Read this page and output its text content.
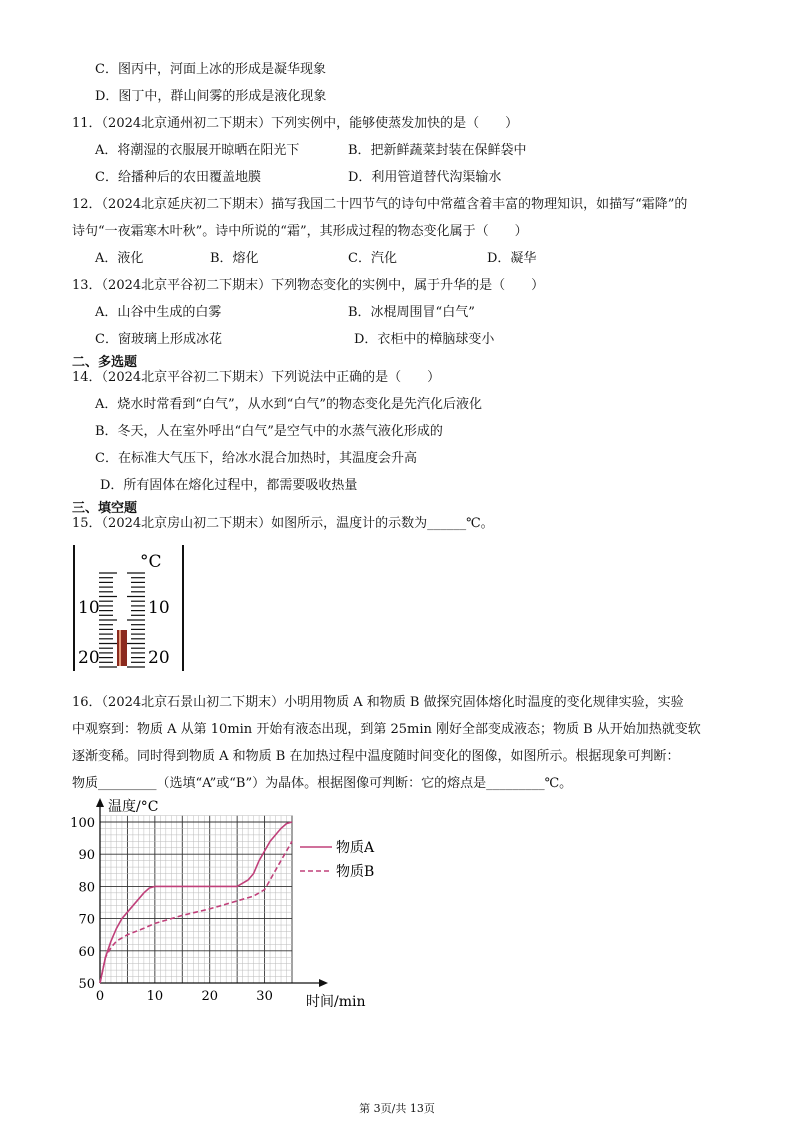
C．图丙中，河面上冰的形成是凝华现象
D．图丁中，群山间雾的形成是液化现象
11．（2024北京通州初二下期末）下列实例中，能够使蒸发加快的是（　　）
A．将潮湿的衣服展开晾晒在阳光下	B．把新鲜蔬菜封装在保鲜袋中
C．给播种后的农田覆盖地膜	D．利用管道替代沟渠输水
12．（2024北京延庆初二下期末）描写我国二十四节气的诗句中常蕴含着丰富的物理知识，如描写“霜降”的
诗句“一夜霜寒木叶秋”。诗中所说的“霜”，其形成过程的物态变化属于（　　）
A．液化	B．熔化	C．汽化	D．凝华
13．（2024北京平谷初二下期末）下列物态变化的实例中，属于升华的是（　　）
A．山谷中生成的白雾	B．冰棍周围冒“白气”
C．窗玻璃上形成冰花	D．衣柜中的樟脑球变小
二、多选题
14．（2024北京平谷初二下期末）下列说法中正确的是（　　）
A．烧水时常看到“白气”，从水到“白气”的物态变化是先汽化后液化
B．冬天，人在室外呼出“白气”是空气中的水蒸气液化形成的
C．在标准大气压下，给冰水混合加热时，其温度会升高
D．所有固体在熔化过程中，都需要吸收热量
三、填空题
15．（2024北京房山初二下期末）如图所示，温度计的示数为______℃。
°C
10	10
20	20
16．（2024北京石景山初二下期末）小明用物质 A 和物质 B 做探究固体熔化时温度的变化规律实验，实验
中观察到：物质 A 从第 10min 开始有液态出现，到第 25min 刚好全部变成液态；物质 B 从开始加热就变软
逐渐变稀。同时得到物质 A 和物质 B 在加热过程中温度随时间变化的图像，如图所示。根据现象可判断：
物质_________（选填“A”或“B”）为晶体。根据图像可判断：它的熔点是_________℃。
0	10	20	30
50
60
70
80
90
100
物质A
物质B
温度/°C
时间/min
第 3页/共 13页
